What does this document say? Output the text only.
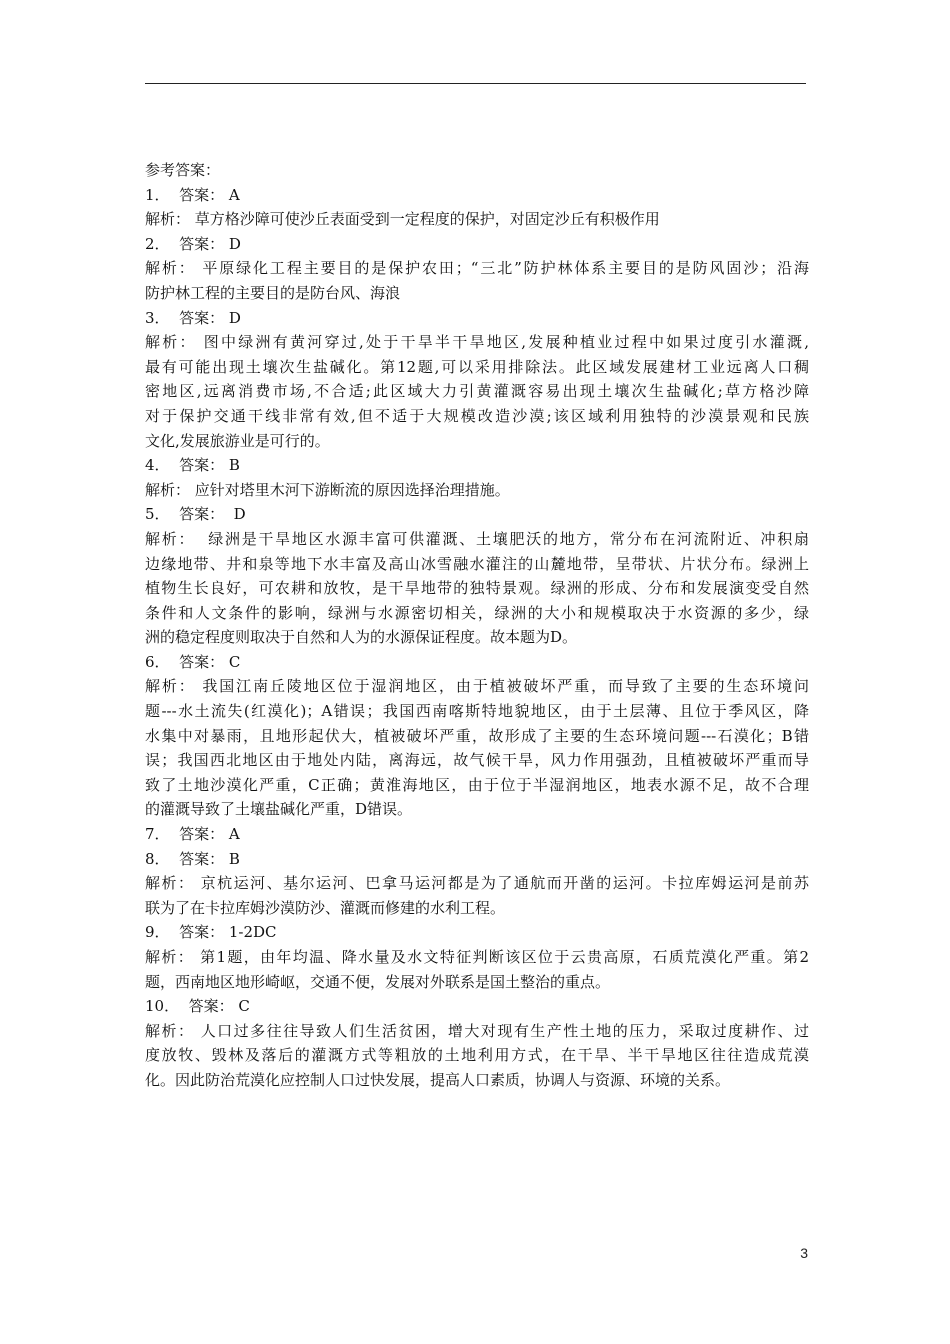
参考答案：
1．  答案： A
解析： 草方格沙障可使沙丘表面受到一定程度的保护，对固定沙丘有积极作用
2．  答案： D
解析： 平原绿化工程主要目的是保护农田；“三北”防护林体系主要目的是防风固沙；沿海
防护林工程的主要目的是防台风、海浪
3．  答案： D
解析： 图中绿洲有黄河穿过,处于干旱半干旱地区,发展种植业过程中如果过度引水灌溉,
最有可能出现土壤次生盐碱化。第12题,可以采用排除法。此区域发展建材工业远离人口稠
密地区,远离消费市场,不合适;此区域大力引黄灌溉容易出现土壤次生盐碱化;草方格沙障
对于保护交通干线非常有效,但不适于大规模改造沙漠;该区域利用独特的沙漠景观和民族
文化,发展旅游业是可行的。
4．  答案： B
解析： 应针对塔里木河下游断流的原因选择治理措施。
5．  答案：  D
解析：  绿洲是干旱地区水源丰富可供灌溉、土壤肥沃的地方，常分布在河流附近、冲积扇
边缘地带、井和泉等地下水丰富及高山冰雪融水灌注的山麓地带，呈带状、片状分布。绿洲上
植物生长良好，可农耕和放牧，是干旱地带的独特景观。绿洲的形成、分布和发展演变受自然
条件和人文条件的影响，绿洲与水源密切相关，绿洲的大小和规模取决于水资源的多少，绿
洲的稳定程度则取决于自然和人为的水源保证程度。故本题为D。
6．  答案： C
解析： 我国江南丘陵地区位于湿润地区，由于植被破坏严重，而导致了主要的生态环境问
题---水土流失(红漠化)；A错误；我国西南喀斯特地貌地区，由于土层薄、且位于季风区，降
水集中对暴雨，且地形起伏大，植被破坏严重，故形成了主要的生态环境问题---石漠化；B错
误；我国西北地区由于地处内陆，离海远，故气候干旱，风力作用强劲，且植被破坏严重而导
致了土地沙漠化严重，C正确；黄淮海地区，由于位于半湿润地区，地表水源不足，故不合理
的灌溉导致了土壤盐碱化严重，D错误。
7．  答案： A
8．  答案： B
解析： 京杭运河、基尔运河、巴拿马运河都是为了通航而开凿的运河。卡拉库姆运河是前苏
联为了在卡拉库姆沙漠防沙、灌溉而修建的水利工程。
9．  答案： 1-2DC
解析： 第1题，由年均温、降水量及水文特征判断该区位于云贵高原，石质荒漠化严重。第2
题，西南地区地形崎岖，交通不便，发展对外联系是国土整治的重点。
10．  答案： C
解析： 人口过多往往导致人们生活贫困，增大对现有生产性土地的压力，采取过度耕作、过
度放牧、毁林及落后的灌溉方式等粗放的土地利用方式，在干旱、半干旱地区往往造成荒漠
化。因此防治荒漠化应控制人口过快发展，提高人口素质，协调人与资源、环境的关系。
3
